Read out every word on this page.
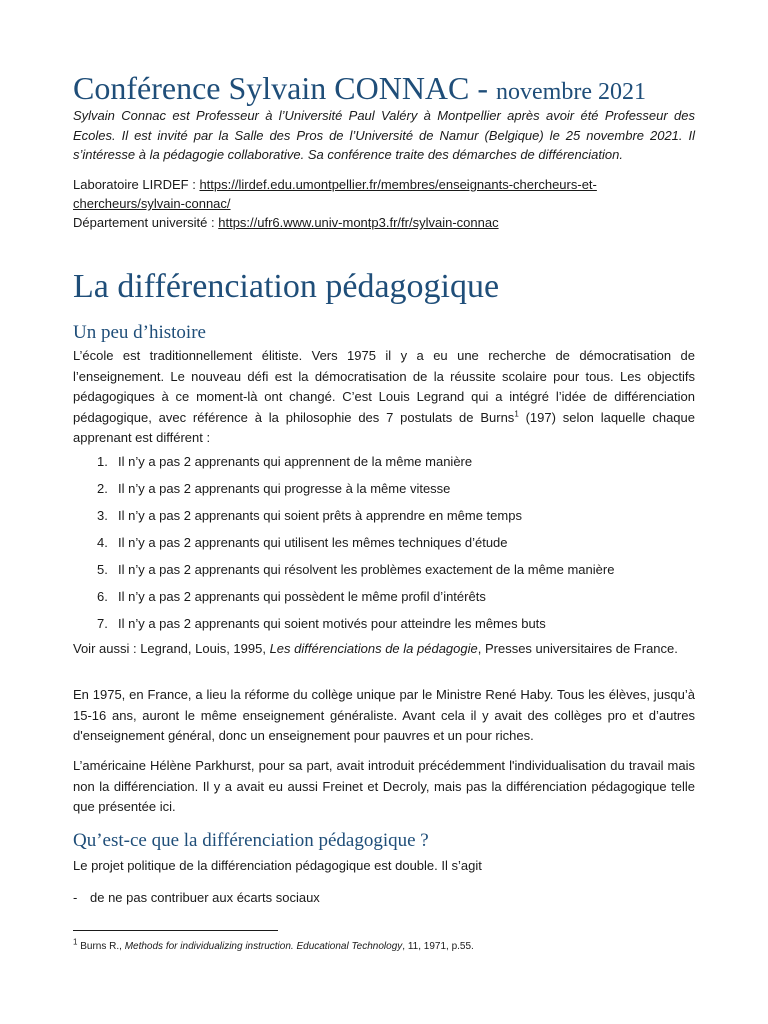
Conférence Sylvain CONNAC - novembre 2021
Sylvain Connac est Professeur à l’Université Paul Valéry à Montpellier après avoir été Professeur des Ecoles. Il est invité par la Salle des Pros de l’Université de Namur (Belgique) le 25 novembre 2021. Il s’intéresse à la pédagogie collaborative. Sa conférence traite des démarches de différenciation.
Laboratoire LIRDEF : https://lirdef.edu.umontpellier.fr/membres/enseignants-chercheurs-et-chercheurs/sylvain-connac/
Département université : https://ufr6.www.univ-montp3.fr/fr/sylvain-connac
La différenciation pédagogique
Un peu d’histoire
L’école est traditionnellement élitiste. Vers 1975 il y a eu une recherche de démocratisation de l’enseignement. Le nouveau défi est la démocratisation de la réussite scolaire pour tous. Les objectifs pédagogiques à ce moment-là ont changé. C’est Louis Legrand qui a intégré l’idée de différenciation pédagogique, avec référence à la philosophie des 7 postulats de Burns$^1$ (197) selon laquelle chaque apprenant est différent :
1. Il n’y a pas 2 apprenants qui apprennent de la même manière
2. Il n’y a pas 2 apprenants qui progresse à la même vitesse
3. Il n’y a pas 2 apprenants qui soient prêts à apprendre en même temps
4. Il n’y a pas 2 apprenants qui utilisent les mêmes techniques d’étude
5. Il n’y a pas 2 apprenants qui résolvent les problèmes exactement de la même manière
6. Il n’y a pas 2 apprenants qui possèdent le même profil d’intérêts
7. Il n’y a pas 2 apprenants qui soient motivés pour atteindre les mêmes buts
Voir aussi : Legrand, Louis, 1995, Les différenciations de la pédagogie, Presses universitaires de France.
En 1975, en France, a lieu la réforme du collège unique par le Ministre René Haby. Tous les élèves, jusqu’à 15-16 ans, auront le même enseignement généraliste. Avant cela il y avait des collèges pro et d’autres d'enseignement général, donc un enseignement pour pauvres et un pour riches.
L’américaine Hélène Parkhurst, pour sa part, avait introduit précédemment l'individualisation du travail mais non la différenciation. Il y a avait eu aussi Freinet et Decroly, mais pas la différenciation pédagogique telle que présentée ici.
Qu’est-ce que la différenciation pédagogique ?
Le projet politique de la différenciation pédagogique est double. Il s’agit
- de ne pas contribuer aux écarts sociaux
$^1$ Burns R., Methods for individualizing instruction. Educational Technology, 11, 1971, p.55.
